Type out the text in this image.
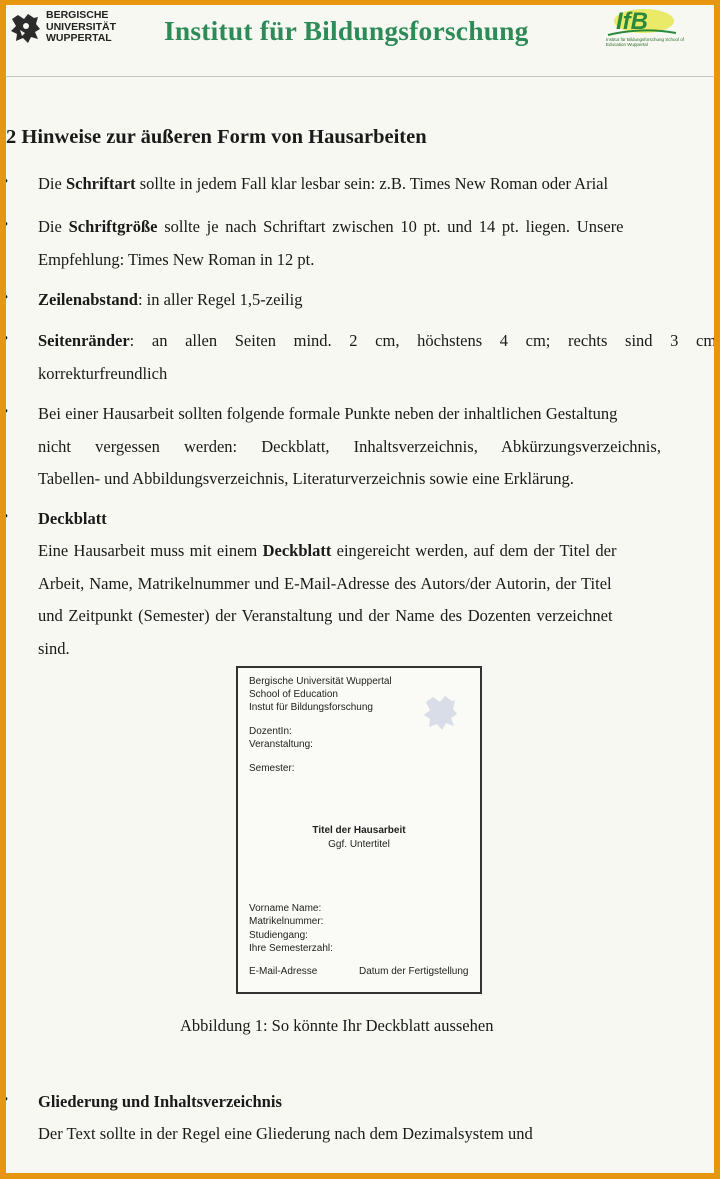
BERGISCHE
UNIVERSITÄT
WUPPERTAL Institut für Bildungsforschung	IfB
Institut für Bildungsforschung School of Education Wuppertal
2 Hinweise zur äußeren Form von Hausarbeiten
• Die Schriftart sollte in jedem Fall klar lesbar sein: z.B. Times New Roman oder Arial
• Die Schriftgröße sollte je nach Schriftart zwischen 10 pt. und 14 pt. liegen. Unsere
Empfehlung: Times New Roman in 12 pt.
• Zeilenabstand: in aller Regel 1,5-zeilig
• Seitenränder: an allen Seiten mind. 2 cm, höchstens 4 cm; rechts sind 3 cm
korrekturfreundlich
• Bei einer Hausarbeit sollten folgende formale Punkte neben der inhaltlichen Gestaltung
nicht vergessen werden: Deckblatt, Inhaltsverzeichnis, Abkürzungsverzeichnis,
Tabellen- und Abbildungsverzeichnis, Literaturverzeichnis sowie eine Erklärung.
• Deckblatt
Eine Hausarbeit muss mit einem Deckblatt eingereicht werden, auf dem der Titel der
Arbeit, Name, Matrikelnummer und E-Mail-Adresse des Autors/der Autorin, der Titel
und Zeitpunkt (Semester) der Veranstaltung und der Name des Dozenten verzeichnet
sind.
Bergische Universität Wuppertal
School of Education
Instut für Bildungsforschung
DozentIn:
Veranstaltung:
Semester:
Titel der Hausarbeit
Ggf. Untertitel
Vorname Name:
Matrikelnummer:
Studiengang:
Ihre Semesterzahl:
E-Mail-Adresse	Datum der Fertigstellung
Abbildung 1: So könnte Ihr Deckblatt aussehen
• Gliederung und Inhaltsverzeichnis
Der Text sollte in der Regel eine Gliederung nach dem Dezimalsystem und
